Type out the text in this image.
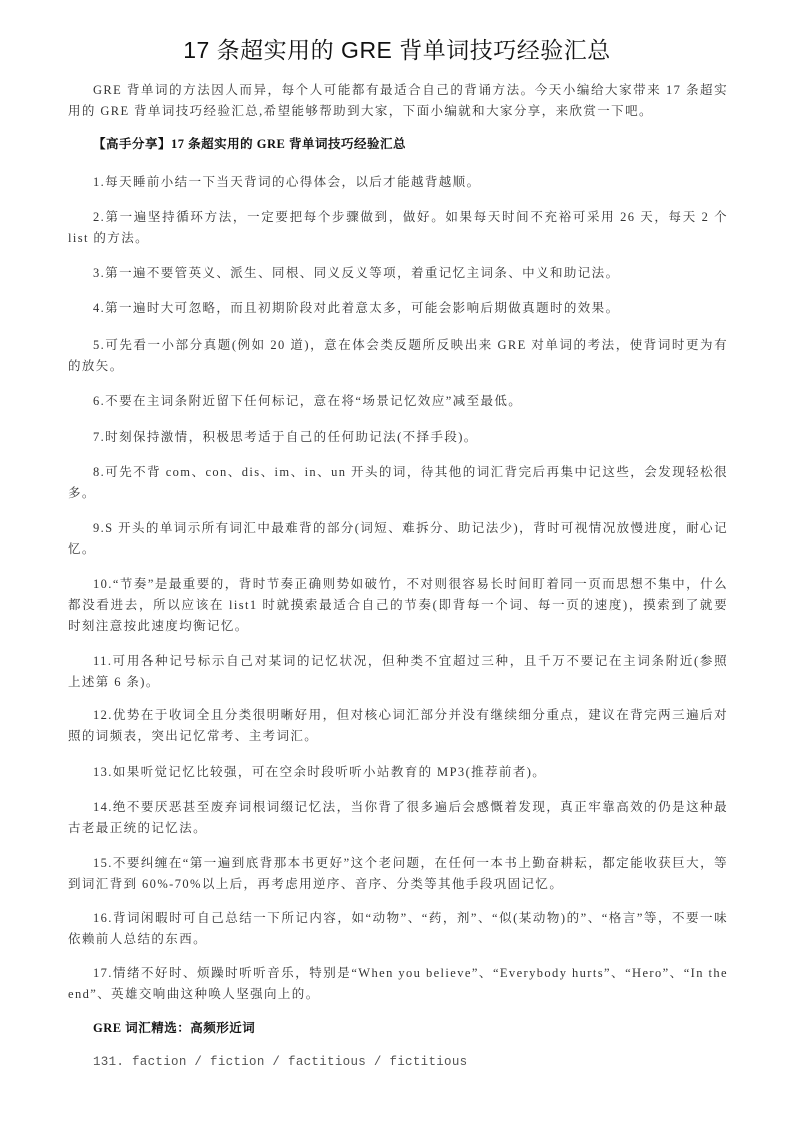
17 条超实用的 GRE 背单词技巧经验汇总
GRE 背单词的方法因人而异，每个人可能都有最适合自己的背诵方法。今天小编给大家带来 17 条超实用的 GRE 背单词技巧经验汇总,希望能够帮助到大家，下面小编就和大家分享，来欣赏一下吧。
【高手分享】17 条超实用的 GRE 背单词技巧经验汇总
1.每天睡前小结一下当天背词的心得体会，以后才能越背越顺。
2.第一遍坚持循环方法，一定要把每个步骤做到，做好。如果每天时间不充裕可采用 26 天，每天 2 个 list 的方法。
3.第一遍不要管英义、派生、同根、同义反义等项，着重记忆主词条、中义和助记法。
4.第一遍时大可忽略，而且初期阶段对此着意太多，可能会影响后期做真题时的效果。
5.可先看一小部分真题(例如 20 道)，意在体会类反题所反映出来 GRE 对单词的考法，使背词时更为有的放矢。
6.不要在主词条附近留下任何标记，意在将“场景记忆效应”减至最低。
7.时刻保持激情，积极思考适于自己的任何助记法(不择手段)。
8.可先不背 com、con、dis、im、in、un 开头的词，待其他的词汇背完后再集中记这些，会发现轻松很多。
9.S 开头的单词示所有词汇中最难背的部分(词短、难拆分、助记法少)，背时可视情况放慢进度，耐心记忆。
10.“节奏”是最重要的，背时节奏正确则势如破竹，不对则很容易长时间盯着同一页而思想不集中，什么都没看进去，所以应该在 list1 时就摸索最适合自己的节奏(即背每一个词、每一页的速度)，摸索到了就要时刻注意按此速度均衡记忆。
11.可用各种记号标示自己对某词的记忆状况，但种类不宜超过三种，且千万不要记在主词条附近(参照上述第 6 条)。
12.优势在于收词全且分类很明晰好用，但对核心词汇部分并没有继续细分重点，建议在背完两三遍后对照的词频表，突出记忆常考、主考词汇。
13.如果听觉记忆比较强，可在空余时段听听小站教育的 MP3(推荐前者)。
14.绝不要厌恶甚至废弃词根词缀记忆法，当你背了很多遍后会感慨着发现，真正牢靠高效的仍是这种最古老最正统的记忆法。
15.不要纠缠在“第一遍到底背那本书更好”这个老问题，在任何一本书上勤奋耕耘，都定能收获巨大，等到词汇背到 60%-70%以上后，再考虑用逆序、音序、分类等其他手段巩固记忆。
16.背词闲暇时可自己总结一下所记内容，如“动物”、“药，剂”、“似(某动物)的”、“格言”等，不要一味依赖前人总结的东西。
17.情绪不好时、烦躁时听听音乐，特别是“When you believe”、“Everybody hurts”、“Hero”、“In the end”、英雄交响曲这种唤人坚强向上的。
GRE 词汇精选：高频形近词
131. faction / fiction / factitious / fictitious
